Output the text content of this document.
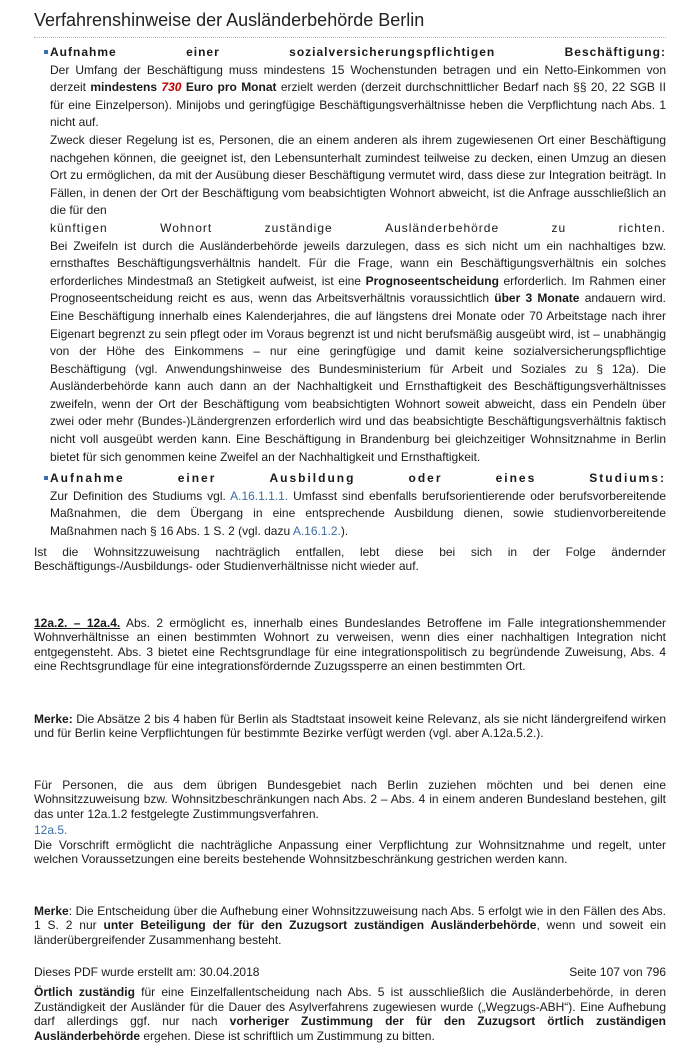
Verfahrenshinweise der Ausländerbehörde Berlin
Aufnahme	einer	sozialversicherungspflichtigen	Beschäftigung:

Der Umfang der Beschäftigung muss mindestens 15 Wochenstunden betragen und ein Netto-Einkommen von derzeit mindestens 730 Euro pro Monat erzielt werden (derzeit durchschnittlicher Bedarf nach §§ 20, 22 SGB II für eine Einzelperson). Minijobs und geringfügige Beschäftigungsverhältnisse heben die Verpflichtung nach Abs. 1 nicht auf.

Zweck dieser Regelung ist es, Personen, die an einem anderen als ihrem zugewiesenen Ort einer Beschäftigung nachgehen können, die geeignet ist, den Lebensunterhalt zumindest teilweise zu decken, einen Umzug an diesen Ort zu ermöglichen, da mit der Ausübung dieser Beschäftigung vermutet wird, dass diese zur Integration beiträgt. In Fällen, in denen der Ort der Beschäftigung vom beabsichtigten Wohnort abweicht, ist die Anfrage ausschließlich an die für den

künftigen	Wohnort	zuständige	Ausländerbehörde	zu	richten.

Bei Zweifeln ist durch die Ausländerbehörde jeweils darzulegen, dass es sich nicht um ein nachhaltiges bzw. ernsthaftes Beschäftigungsverhältnis handelt. Für die Frage, wann ein Beschäftigungsverhältnis ein solches erforderliches Mindestmaß an Stetigkeit aufweist, ist eine Prognoseentscheidung erforderlich. Im Rahmen einer Prognoseentscheidung reicht es aus, wenn das Arbeitsverhältnis voraussichtlich über 3 Monate andauern wird. Eine Beschäftigung innerhalb eines Kalenderjahres, die auf längstens drei Monate oder 70 Arbeitstage nach ihrer Eigenart begrenzt zu sein pflegt oder im Voraus begrenzt ist und nicht berufsmäßig ausgeübt wird, ist – unabhängig von der Höhe des Einkommens – nur eine geringfügige und damit keine sozialversicherungspflichtige Beschäftigung (vgl. Anwendungshinweise des Bundesministerium für Arbeit und Soziales zu § 12a). Die Ausländerbehörde kann auch dann an der Nachhaltigkeit und Ernsthaftigkeit des Beschäftigungsverhältnisses zweifeln, wenn der Ort der Beschäftigung vom beabsichtigten Wohnort soweit abweicht, dass ein Pendeln über zwei oder mehr (Bundes-)Ländergrenzen erforderlich wird und das beabsichtigte Beschäftigungsverhältnis faktisch nicht voll ausgeübt werden kann. Eine Beschäftigung in Brandenburg bei gleichzeitiger Wohnsitznahme in Berlin bietet für sich genommen keine Zweifel an der Nachhaltigkeit und Ernsthaftigkeit.

Aufnahme	einer	Ausbildung	oder	eines	Studiums:

Zur Definition des Studiums vgl. A.16.1.1.1. Umfasst sind ebenfalls berufsorientierende oder berufsvorbereitende Maßnahmen, die dem Übergang in eine entsprechende Ausbildung dienen, sowie studienvorbereitende Maßnahmen nach § 16 Abs. 1 S. 2 (vgl. dazu A.16.1.2.).

Ist die Wohnsitzzuweisung nachträglich entfallen, lebt diese bei sich in der Folge ändernder Beschäftigungs-/Ausbildungs- oder Studienverhältnisse nicht wieder auf.

12a.2. – 12a.4. Abs. 2 ermöglicht es, innerhalb eines Bundeslandes Betroffene im Falle integrationshemmender Wohnverhältnisse an einen bestimmten Wohnort zu verweisen, wenn dies einer nachhaltigen Integration nicht entgegensteht. Abs. 3 bietet eine Rechtsgrundlage für eine integrationspolitisch zu begründende Zuweisung, Abs. 4 eine Rechtsgrundlage für eine integrationsfördernde Zuzugssperre an einen bestimmten Ort.

Merke: Die Absätze 2 bis 4 haben für Berlin als Stadtstaat insoweit keine Relevanz, als sie nicht ländergreifend wirken und für Berlin keine Verpflichtungen für bestimmte Bezirke verfügt werden (vgl. aber A.12a.5.2.).

Für Personen, die aus dem übrigen Bundesgebiet nach Berlin zuziehen möchten und bei denen eine Wohnsitzzuweisung bzw. Wohnsitzbeschränkungen nach Abs. 2 – Abs. 4 in einem anderen Bundesland bestehen, gilt das unter 12a.1.2 festgelegte Zustimmungsverfahren.

12a.5.

Die Vorschrift ermöglicht die nachträgliche Anpassung einer Verpflichtung zur Wohnsitznahme und regelt, unter welchen Voraussetzungen eine bereits bestehende Wohnsitzbeschränkung gestrichen werden kann.

Merke: Die Entscheidung über die Aufhebung einer Wohnsitzzuweisung nach Abs. 5 erfolgt wie in den Fällen des Abs. 1 S. 2 nur unter Beteiligung der für den Zuzugsort zuständigen Ausländerbehörde, wenn und soweit ein länderübergreifender Zusammenhang besteht.

Örtlich zuständig für eine Einzelfallentscheidung nach Abs. 5 ist ausschließlich die Ausländerbehörde, in deren Zuständigkeit der Ausländer für die Dauer des Asylverfahrens zugewiesen wurde („Wegzugs-ABH“). Eine Aufhebung darf allerdings ggf. nur nach vorheriger Zustimmung der für den Zuzugsort örtlich zuständigen Ausländerbehörde ergehen. Diese ist schriftlich um Zustimmung zu bitten.

Dieses PDF wurde erstellt am: 30.04.2018	Seite 107 von 796
